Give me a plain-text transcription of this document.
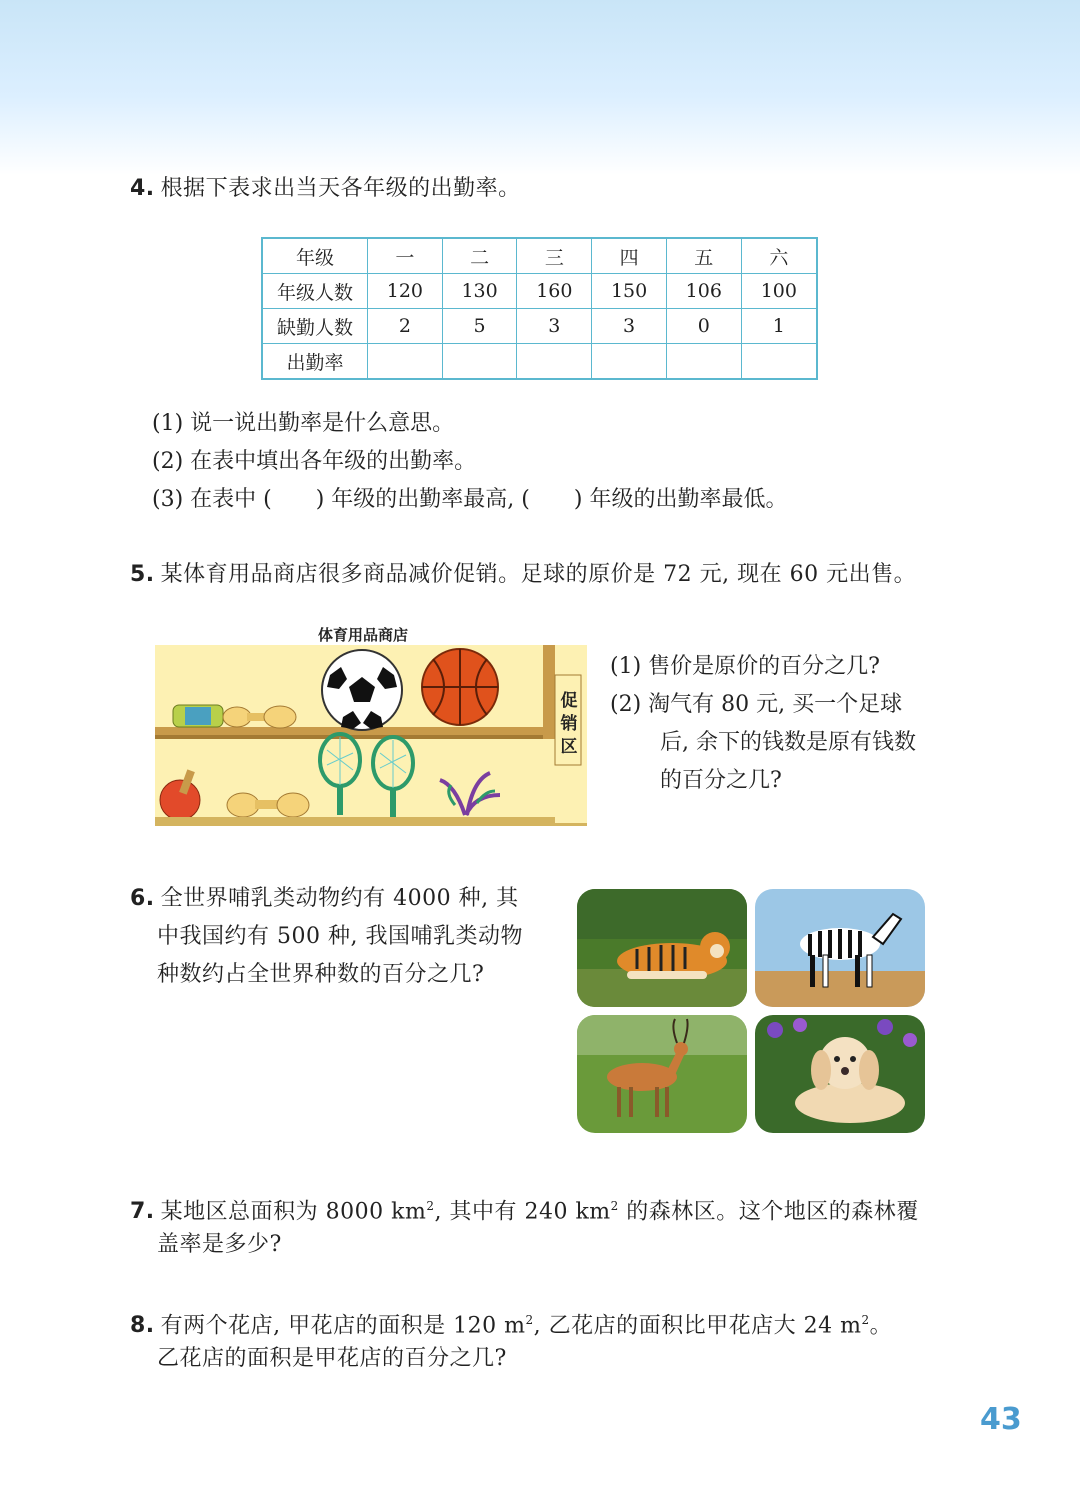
4. 根据下表求出当天各年级的出勤率。
年级	一	二	三	四	五	六
年级人数	120	130	160	150	106	100
缺勤人数	2	5	3	3	0	1
出勤率						
(1) 说一说出勤率是什么意思。
(2) 在表中填出各年级的出勤率。
(3) 在表中 (　　) 年级的出勤率最高, (　　) 年级的出勤率最低。
5. 某体育用品商店很多商品减价促销。足球的原价是 72 元, 现在 60 元出售。
体育用品商店
促
销
区
(1) 售价是原价的百分之几?
(2) 淘气有 80 元, 买一个足球
后, 余下的钱数是原有钱数
的百分之几?
6. 全世界哺乳类动物约有 4000 种, 其
中我国约有 500 种, 我国哺乳类动物
种数约占全世界种数的百分之几?
7. 某地区总面积为 8000 $km^2$, 其中有 240 $km^2$ 的森林区。这个地区的森林覆
盖率是多少?
8. 有两个花店, 甲花店的面积是 120 $m^2$, 乙花店的面积比甲花店大 24 $m^2$。
乙花店的面积是甲花店的百分之几?
43
